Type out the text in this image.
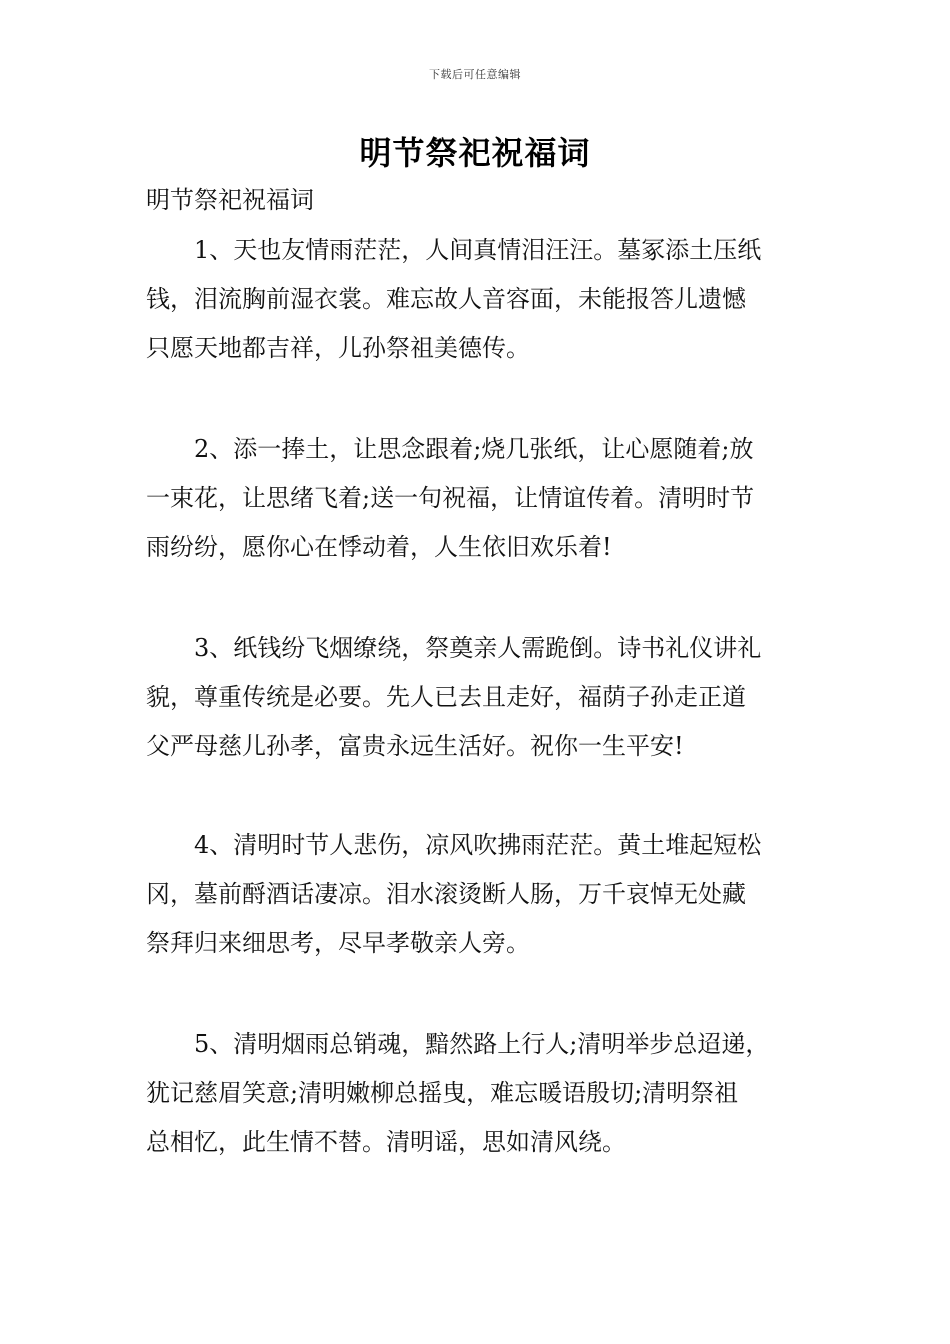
下载后可任意编辑
明节祭祀祝福词
明节祭祀祝福词
1、天也友情雨茫茫，人间真情泪汪汪。墓冢添土压纸
钱，泪流胸前湿衣裳。难忘故人音容面，未能报答儿遗憾
只愿天地都吉祥，儿孙祭祖美德传。
2、添一捧土，让思念跟着;烧几张纸，让心愿随着;放
一束花，让思绪飞着;送一句祝福，让情谊传着。清明时节
雨纷纷，愿你心在悸动着，人生依旧欢乐着!
3、纸钱纷飞烟缭绕，祭奠亲人需跪倒。诗书礼仪讲礼
貌，尊重传统是必要。先人已去且走好，福荫子孙走正道
父严母慈儿孙孝，富贵永远生活好。祝你一生平安!
4、清明时节人悲伤，凉风吹拂雨茫茫。黄土堆起短松
冈，墓前酹酒话凄凉。泪水滚烫断人肠，万千哀悼无处藏
祭拜归来细思考，尽早孝敬亲人旁。
5、清明烟雨总销魂，黯然路上行人;清明举步总迢递，
犹记慈眉笑意;清明嫩柳总摇曳，难忘暖语殷切;清明祭祖
总相忆，此生情不替。清明谣，思如清风绕。
